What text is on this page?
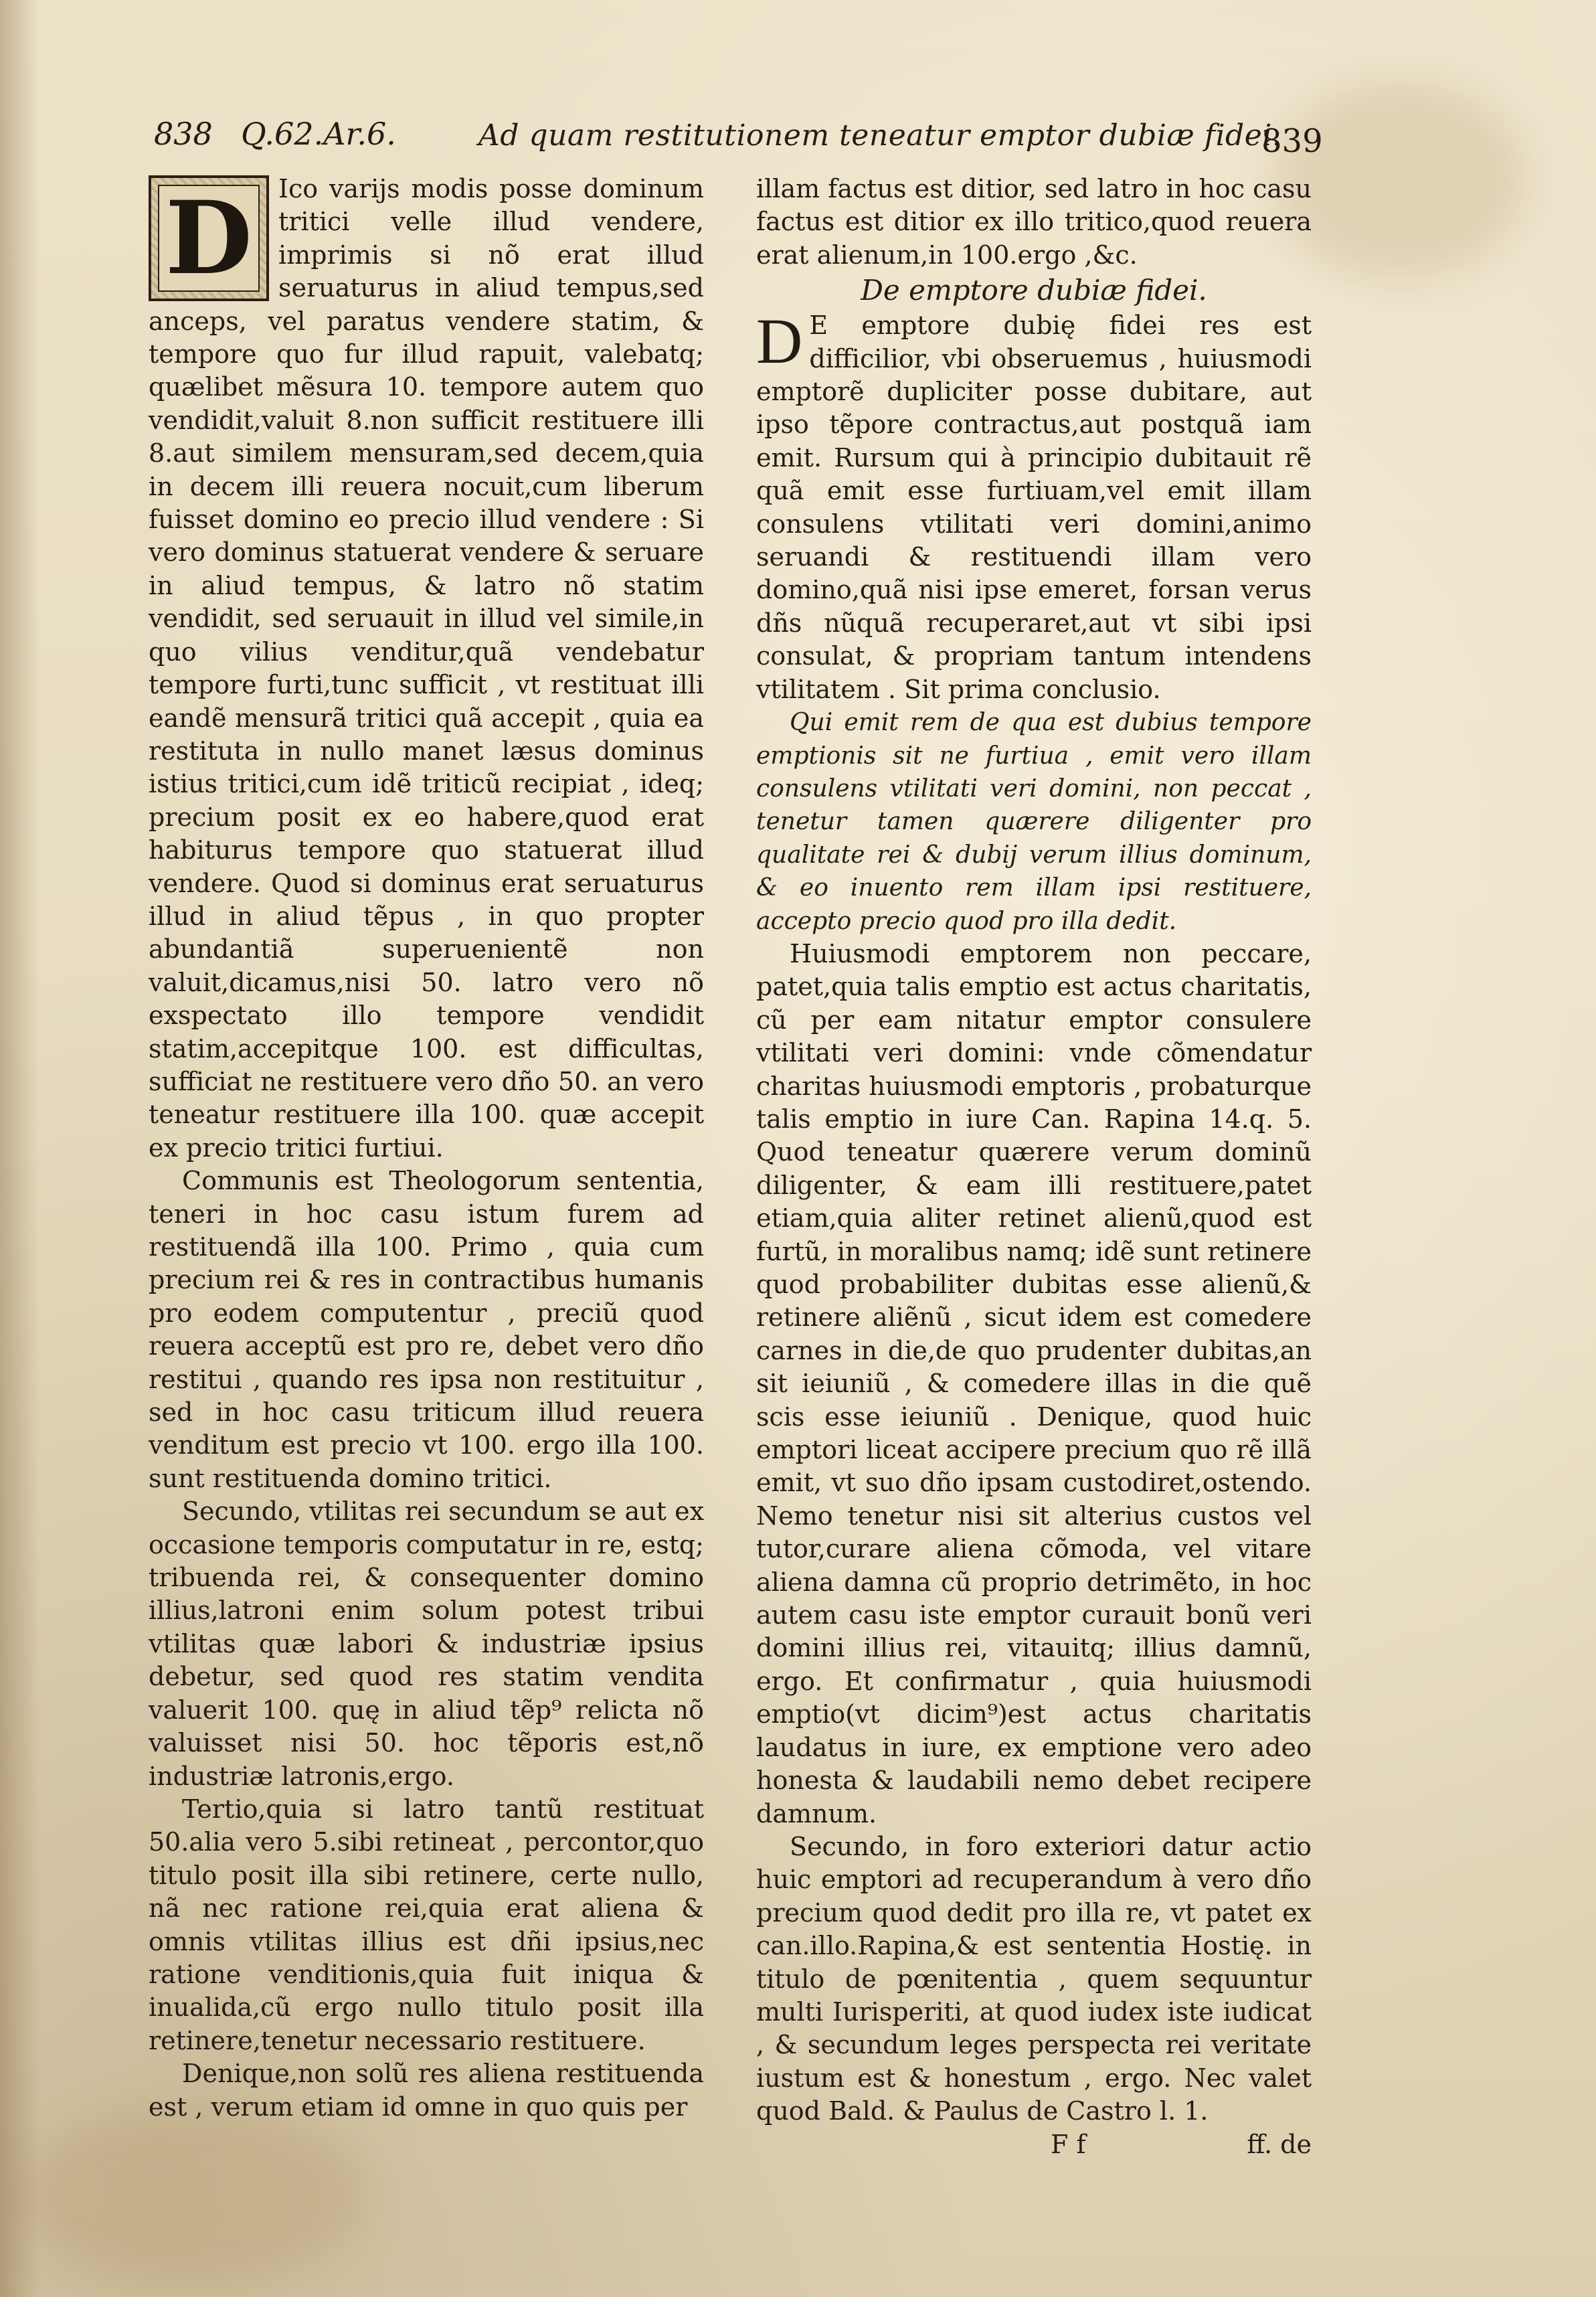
838 Q.62.Ar.6.	Ad quam restitutionem teneatur emptor dubiæ fidei.
839

D Ico varijs modis posse dominum tritici velle illud vendere, imprimis si nõ erat illud seruaturus in aliud tempus,sed anceps, vel paratus vendere statim, & tempore quo fur illud rapuit, valebatq; quælibet mẽsura 10. tempore autem quo vendidit,valuit 8.non sufficit restituere illi 8.aut similem mensuram,sed decem,quia in decem illi reuera nocuit,cum liberum fuisset domino eo precio illud vendere : Si vero dominus statuerat vendere & seruare in aliud tempus, & latro nõ statim vendidit, sed seruauit in illud vel simile,in quo vilius venditur,quã vendebatur tempore furti,tunc sufficit , vt restituat illi eandẽ mensurã tritici quã accepit , quia ea restituta in nullo manet læsus dominus istius tritici,cum idẽ triticũ recipiat , ideq; precium posit ex eo habere,quod erat habiturus tempore quo statuerat illud vendere. Quod si dominus erat seruaturus illud in aliud tẽpus , in quo propter abundantiã superuenientẽ non valuit,dicamus,nisi 50. latro vero nõ exspectato illo tempore vendidit statim,accepitque 100. est difficultas, sufficiat ne restituere vero dño 50. an vero teneatur restituere illa 100. quæ accepit ex precio tritici furtiui.

Communis est Theologorum sententia, teneri in hoc casu istum furem ad restituendã illa 100. Primo , quia cum precium rei & res in contractibus humanis pro eodem computentur , preciũ quod reuera acceptũ est pro re, debet vero dño restitui , quando res ipsa non restituitur , sed in hoc casu triticum illud reuera venditum est precio vt 100. ergo illa 100. sunt restituenda domino tritici.

Secundo, vtilitas rei secundum se aut ex occasione temporis computatur in re, estq; tribuenda rei, & consequenter domino illius,latroni enim solum potest tribui vtilitas quæ labori & industriæ ipsius debetur, sed quod res statim vendita valuerit 100. quę in aliud tẽp⁹ relicta nõ valuisset nisi 50. hoc tẽporis est,nõ industriæ latronis,ergo.

Tertio,quia si latro tantũ restituat 50.alia vero 5.sibi retineat , percontor,quo titulo posit illa sibi retinere, certe nullo, nã nec ratione rei,quia erat aliena & omnis vtilitas illius est dñi ipsius,nec ratione venditionis,quia fuit iniqua & inualida,cũ ergo nullo titulo posit illa retinere,tenetur necessario restituere.

Denique,non solũ res aliena restituenda est , verum etiam id omne in quo quis per

illam factus est ditior, sed latro in hoc casu factus est ditior ex illo tritico,quod reuera erat alienum,in 100.ergo ,&c.

De emptore dubiæ fidei.

D E emptore dubię fidei res est difficilior, vbi obseruemus , huiusmodi emptorẽ dupliciter posse dubitare, aut ipso tẽpore contractus,aut postquã iam emit. Rursum qui à principio dubitauit rẽ quã emit esse furtiuam,vel emit illam consulens vtilitati veri domini,animo seruandi & restituendi illam vero domino,quã nisi ipse emeret, forsan verus dñs nũquã recuperaret,aut vt sibi ipsi consulat, & propriam tantum intendens vtilitatem . Sit prima conclusio.

Qui emit rem de qua est dubius tempore emptionis sit ne furtiua , emit vero illam consulens vtilitati veri domini, non peccat , tenetur tamen quærere diligenter pro qualitate rei & dubij verum illius dominum, & eo inuento rem illam ipsi restituere, accepto precio quod pro illa dedit.

Huiusmodi emptorem non peccare, patet,quia talis emptio est actus charitatis, cũ per eam nitatur emptor consulere vtilitati veri domini: vnde cõmendatur charitas huiusmodi emptoris , probaturque talis emptio in iure Can. Rapina 14.q. 5. Quod teneatur quærere verum dominũ diligenter, & eam illi restituere,patet etiam,quia aliter retinet alienũ,quod est furtũ, in moralibus namq; idẽ sunt retinere quod probabiliter dubitas esse alienũ,& retinere aliẽnũ , sicut idem est comedere carnes in die,de quo prudenter dubitas,an sit ieiuniũ , & comedere illas in die quẽ scis esse ieiuniũ . Denique, quod huic emptori liceat accipere precium quo rẽ illã emit, vt suo dño ipsam custodiret,ostendo. Nemo tenetur nisi sit alterius custos vel tutor,curare aliena cõmoda, vel vitare aliena damna cũ proprio detrimẽto, in hoc autem casu iste emptor curauit bonũ veri domini illius rei, vitauitq; illius damnũ, ergo. Et confirmatur , quia huiusmodi emptio(vt dicim⁹)est actus charitatis laudatus in iure, ex emptione vero adeo honesta & laudabili nemo debet recipere damnum.

Secundo, in foro exteriori datur actio huic emptori ad recuperandum à vero dño precium quod dedit pro illa re, vt patet ex can.illo.Rapina,& est sententia Hostię. in titulo de pœnitentia , quem sequuntur multi Iurisperiti, at quod iudex iste iudicat , & secundum leges perspecta rei veritate iustum est & honestum , ergo. Nec valet quod Bald. & Paulus de Castro l. 1.

F f	ff. de
